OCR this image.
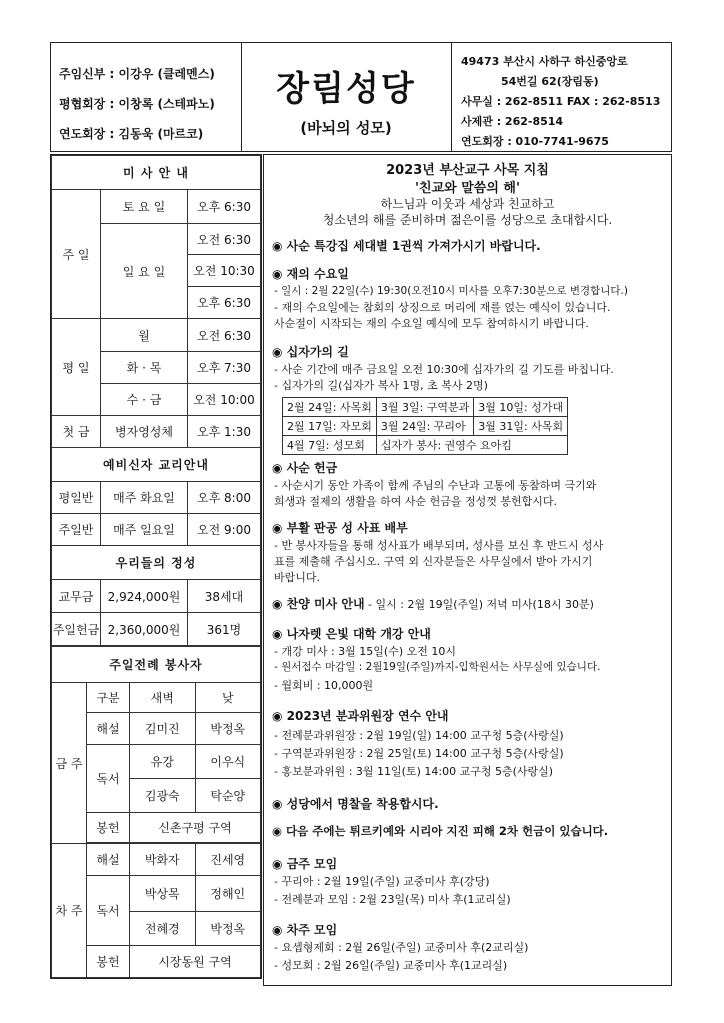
주임신부 : 이강우 (클레멘스)
평협회장 : 이창록 (스테파노)
연도회장 : 김동욱 (마르코)
장림성당
(바뇌의 성모)
49473 부산시 사하구 하신중앙로
54번길 62(장림동)
사무실 : 262-8511 FAX : 262-8513
사제관 : 262-8514
연도회장 : 010-7741-9675
미 사 안 내		
주 일	토 요 일	오후 6:30
	일 요 일	오전 6:30
		오전 10:30
		오후 6:30
평 일	월	오전 6:30
	화 · 목	오후 7:30
	수 · 금	오전 10:00
첫 금	병자영성체	오후 1:30
예비신자 교리안내		
평일반	매주 화요일	오후 8:00
주일반	매주 일요일	오전 9:00
우리들의 정성		
교무금	2,924,000원	38세대
주일헌금	2,360,000원	361명
주일전례 봉사자			
금 주	구분	새벽	낮
	해설	김미진	박정옥
	독서	유강	이우식
		김광숙	탁순양
	봉헌	신촌구평 구역	

차 주	해설	박화자	진세영
	독서	박상목	정해인
		전혜경	박정옥
	봉헌	시장동원 구역	
2023년 부산교구 사목 지침
'친교와 말씀의 해'
하느님과 이웃과 세상과 친교하고
청소년의 해를 준비하며 젊은이를 성당으로 초대합시다.
◉ 사순 특강집 세대별 1권씩 가져가시기 바랍니다.
◉ 재의 수요일
- 일시 : 2월 22일(수) 19:30(오전10시 미사를 오후7:30분으로 변경합니다.)
- 재의 수요일에는 참회의 상징으로 머리에 재를 얹는 예식이 있습니다.
사순절이 시작되는 재의 수요일 예식에 모두 참여하시기 바랍니다.
◉ 십자가의 길
- 사순 기간에 매주 금요일 오전 10:30에 십자가의 길 기도를 바칩니다.
- 십자가의 길(십자가 복사 1명, 초 복사 2명)
2월 24일: 사목회	3월 3일: 구역분과	3월 10일: 성가대
2월 17일: 자모회	3월 24일: 꾸리아	3월 31일: 사목회
4월 7일: 성모회	십자가 봉사: 권영수 요아킴	
◉ 사순 헌금
- 사순시기 동안 가족이 함께 주님의 수난과 고통에 동참하며 극기와
희생과 절제의 생활을 하여 사순 헌금을 정성껏 봉헌합시다.
◉ 부활 판공 성 사표 배부
- 반 봉사자들을 통해 성사표가 배부되며, 성사를 보신 후 반드시 성사
표를 제출해 주십시오. 구역 외 신자분들은 사무실에서 받아 가시기
바랍니다.
◉ 찬양 미사 안내 - 일시 : 2월 19일(주일) 저녁 미사(18시 30분)
◉ 나자렛 은빛 대학 개강 안내
- 개강 미사 : 3월 15일(수) 오전 10시
- 원서접수 마감일 : 2월19일(주일)까지-입학원서는 사무실에 있습니다.
- 월회비 : 10,000원
◉ 2023년 분과위원장 연수 안내
- 전례분과위원장 : 2월 19일(일) 14:00 교구청 5층(사랑실)
- 구역분과위원장 : 2월 25일(토) 14:00 교구청 5층(사랑실)
- 홍보분과위원 : 3월 11일(토) 14:00 교구청 5층(사랑실)
◉ 성당에서 명찰을 착용합시다.
◉ 다음 주에는 튀르키예와 시리아 지진 피해 2차 헌금이 있습니다.
◉ 금주 모임
- 꾸리아 : 2월 19일(주일) 교중미사 후(강당)
- 전례분과 모임 : 2월 23일(목) 미사 후(1교리실)
◉ 차주 모임
- 요셉형제회 : 2월 26일(주일) 교중미사 후(2교리실)
- 성모회 : 2월 26일(주일) 교중미사 후(1교리실)
